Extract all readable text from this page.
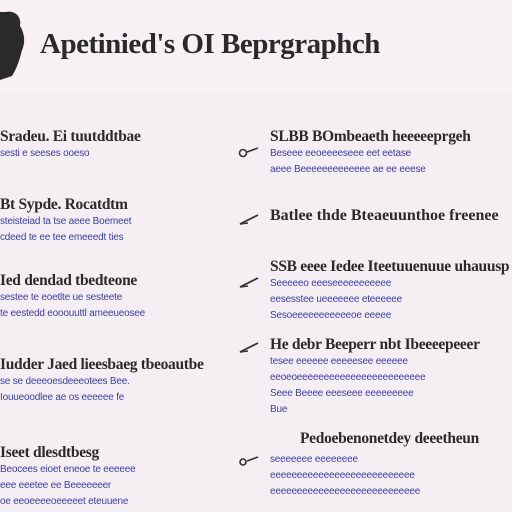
Apetinied's OI Beprgraphch
Sradeu. Ei tuutddtbae
sesti e seeses ooeso
Bt Sypde. Rocatdtm
steisteiad ta tse aeee Boemeet
cdeed te ee tee emeeedt ties
Ied dendad tbedteone
sestee te eoetlte ue sesteete
te eestedd eooouuttl ameeueosee
Iudder Jaed lieesbaeg tbeoautbe
se se deeeoesdeeeotees Bee.
Iouueoodlee ae os eeeeee fe
Iseet dlesdtbesg
Beocees eioet eneoe te eeeeee
eee eeetee ee Beeeeeeer
oe eeoeeeeoeeeeet eteuuene
SLBB BOmbeaeth heeeeeprgeh
Beseee eeoeeeeseee eet eetase
aeee Beeeeeeeeeeeee ae ee eeese
Batlee thde Bteaeuunthoe freenee
SSB eeee Iedee Iteetuuenuue uhauusp
Seeeeeo eeeseeeeeeeeeee
eesesstee ueeeeeee eteeeeee
Sesoeeeeeeeeeeeoe eeeee
He debr Beeperr nbt Ibeeeepeeer
tesee eeeeee eeeeesee eeeeee
eeoeoeeeeeeeeeeeeeeeeeeeeeeee
Seee Beeee eeeseee eeeeeeeee
Bue
Pedoebenonetdey deeetheun
seeeeeee eeeeeeee
eeeeeeeeeeeeeeeeeeeeeeeeeee
eeeeeeeeeeeeeeeeeeeeeeeeeeee
